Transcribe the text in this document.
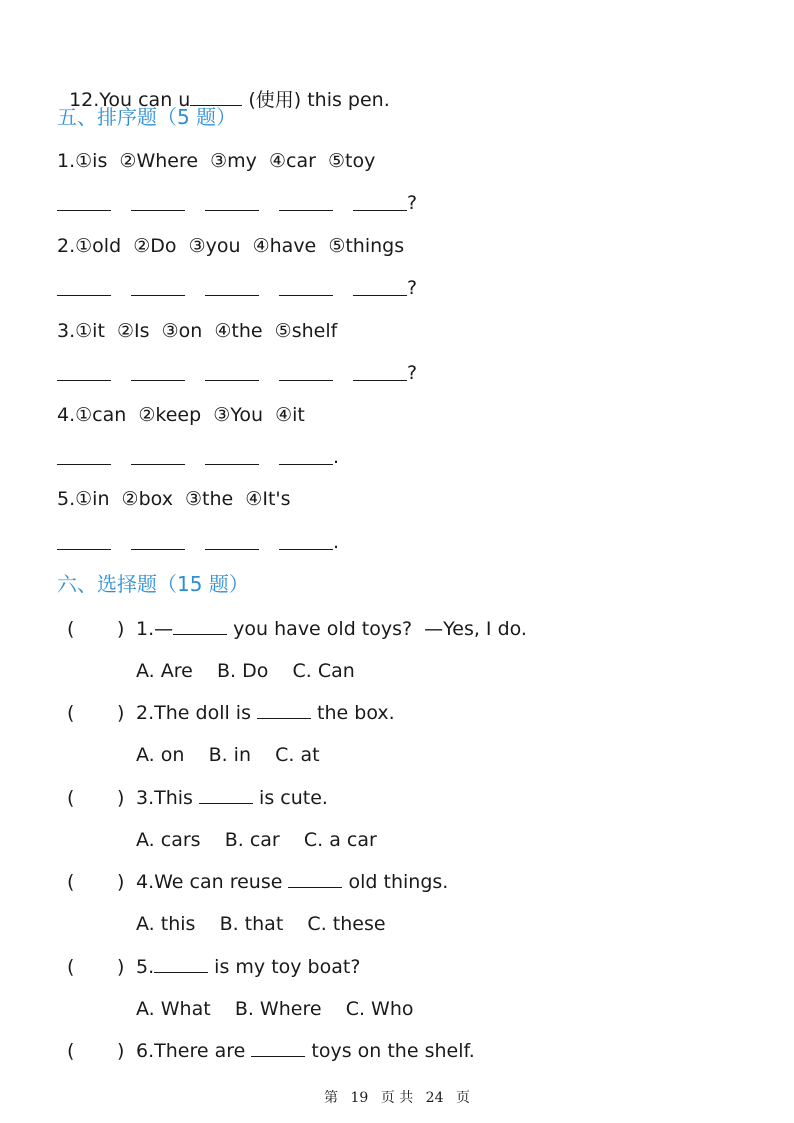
12.You can u	(使用) this pen.

五、排序题（5 题）
1.①is  ②Where  ③my  ④car  ⑤toy
?
2.①old  ②Do  ③you  ④have  ⑤things
?
3.①it  ②Is  ③on  ④the  ⑤shelf
?
4.①can  ②keep  ③You  ④it
.
5.①in  ②box  ③the  ④It's
.
六、选择题（15 题）
( ) 1.—	you have old toys?  —Yes, I do.
A. Are    B. Do    C. Can
( ) 2.The doll is	the box.
A. on    B. in    C. at
( ) 3.This	is cute.
A. cars    B. car    C. a car
( ) 4.We can reuse	old things.
A. this    B. that    C. these
( ) 5.	is my toy boat?
A. What    B. Where    C. Who
( ) 6.There are	toys on the shelf.
第 19 页 共 24 页
